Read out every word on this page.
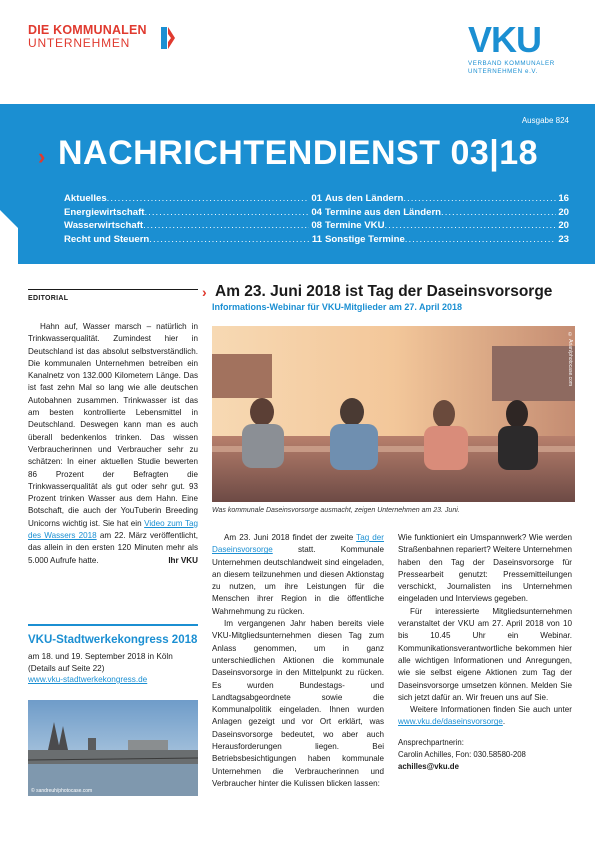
DIE KOMMUNALEN
UNTERNEHMEN	VKU
VERBAND KOMMUNALER
UNTERNEHMEN e.V.
Ausgabe 824
› NACHRICHTENDIENST 03|18
Aktuelles .....	01
Energiewirtschaft .....	04
Wasserwirtschaft .....	08
Recht und Steuern .....	11
Aus den Ländern .....	16
Termine aus den Ländern .....	20
Termine VKU .....	20
Sonstige Termine .....	23
EDITORIAL

Hahn auf, Wasser marsch – natürlich in Trinkwasserqualität. Zumindest hier in Deutschland ist das absolut selbstverständlich. Die kommunalen Unternehmen betreiben ein Kanalnetz von 132.000 Kilometern Länge. Das ist fast zehn Mal so lang wie alle deutschen Autobahnen zusammen. Trinkwasser ist das am besten kontrollierte Lebensmittel in Deutschland. Deswegen kann man es auch überall bedenkenlos trinken. Das wissen Verbraucherinnen und Verbraucher sehr zu schätzen: In einer aktuellen Studie bewerten 86 Prozent der Befragten die Trinkwasserqualität als gut oder sehr gut. 93 Prozent trinken Wasser aus dem Hahn. Eine Botschaft, die auch der YouTuberin Breeding Unicorns wichtig ist. Sie hat ein Video zum Tag des Wassers 2018 am 22. März veröffentlicht, das allein in den ersten 120 Minuten mehr als 5.000 Aufrufe hatte.	Ihr VKU

VKU-Stadtwerkekongress 2018
am 18. und 19. September 2018 in Köln
(Details auf Seite 22)
www.vku-stadtwerkekongress.de
© sandreuh/photocase.com
› Am 23. Juni 2018 ist Tag der Daseinsvorsorge
Informations-Webinar für VKU-Mitglieder am 27. April 2018
© Arian/photocase.com
Was kommunale Daseinsvorsorge ausmacht, zeigen Unternehmen am 23. Juni.

Am 23. Juni 2018 findet der zweite Tag der Daseinsvorsorge statt. Kommunale Unternehmen deutschlandweit sind eingeladen, an diesem teilzunehmen und diesen Aktionstag zu nutzen, um ihre Leistungen für die Menschen ihrer Region in die öffentliche Wahrnehmung zu rücken.

Im vergangenen Jahr haben bereits viele VKU-Mitgliedsunternehmen diesen Tag zum Anlass genommen, um in ganz unterschiedlichen Aktionen die kommunale Daseinsvorsorge in den Mittelpunkt zu rücken. Es wurden Bundestags- und Landtagsabgeordnete sowie die Kommunalpolitik eingeladen. Ihnen wurden Anlagen gezeigt und vor Ort erklärt, was Daseinsvorsorge bedeutet, wo aber auch Herausforderungen liegen. Bei Betriebsbesichtigungen haben kommunale Unternehmen die Verbraucherinnen und Verbraucher hinter die Kulissen blicken lassen:

Wie funktioniert ein Umspannwerk? Wie werden Straßenbahnen repariert? Weitere Unternehmen haben den Tag der Daseinsvorsorge für Pressearbeit genutzt: Pressemitteilungen verschickt, Journalisten ins Unternehmen eingeladen und Interviews gegeben.

Für interessierte Mitgliedsunternehmen veranstaltet der VKU am 27. April 2018 von 10 bis 10.45 Uhr ein Webinar. Kommunikationsverantwortliche bekommen hier alle wichtigen Informationen und Anregungen, wie sie selbst eigene Aktionen zum Tag der Daseinsvorsorge umsetzen können. Melden Sie sich jetzt dafür an. Wir freuen uns auf Sie.

Weitere Informationen finden Sie auch unter www.vku.de/daseinsvorsorge.

Ansprechpartnerin:
Carolin Achilles, Fon: 030.58580-208
achilles@vku.de
